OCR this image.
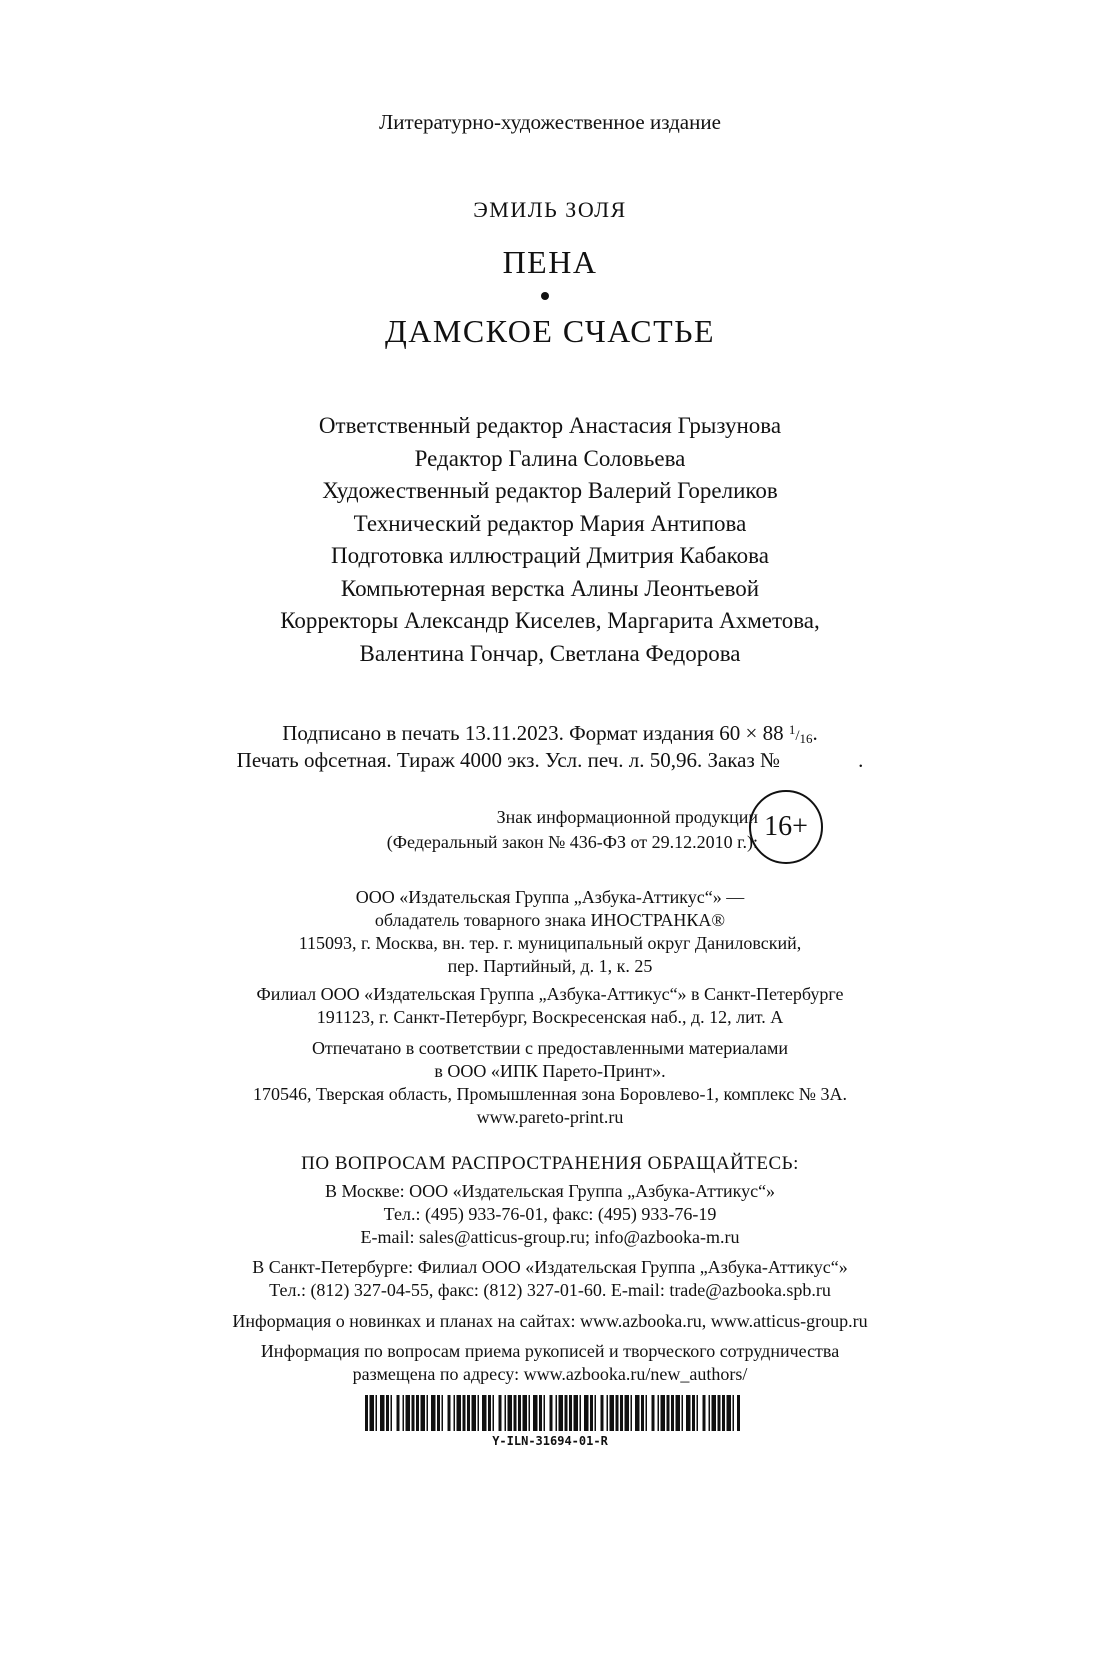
Литературно-художественное издание
ЭМИЛЬ ЗОЛЯ
ПЕНА
ДАМСКОЕ СЧАСТЬЕ
Ответственный редактор Анастасия Грызунова
Редактор Галина Соловьева
Художественный редактор Валерий Гореликов
Технический редактор Мария Антипова
Подготовка иллюстраций Дмитрия Кабакова
Компьютерная верстка Алины Леонтьевой
Корректоры Александр Киселев, Маргарита Ахметова,
Валентина Гончар, Светлана Федорова
Подписано в печать 13.11.2023. Формат издания 60 × 88 $^1/_{16}$.
Печать офсетная. Тираж 4000 экз. Усл. печ. л. 50,96. Заказ №	.
Знак информационной продукции
(Федеральный закон № 436-ФЗ от 29.12.2010 г.): 16+
ООО «Издательская Группа „Азбука-Аттикус“» —
обладатель товарного знака ИНОСТРАНКА®
115093, г. Москва, вн. тер. г. муниципальный округ Даниловский,
пер. Партийный, д. 1, к. 25
Филиал ООО «Издательская Группа „Азбука-Аттикус“» в Санкт-Петербурге
191123, г. Санкт-Петербург, Воскресенская наб., д. 12, лит. А
Отпечатано в соответствии с предоставленными материалами
в ООО «ИПК Парето-Принт».
170546, Тверская область, Промышленная зона Боровлево-1, комплекс № 3А.
www.pareto-print.ru
ПО ВОПРОСАМ РАСПРОСТРАНЕНИЯ ОБРАЩАЙТЕСЬ:
В Москве: ООО «Издательская Группа „Азбука-Аттикус“»
Тел.: (495) 933-76-01, факс: (495) 933-76-19
E-mail: sales@atticus-group.ru; info@azbooka-m.ru
В Санкт-Петербурге: Филиал ООО «Издательская Группа „Азбука-Аттикус“»
Тел.: (812) 327-04-55, факс: (812) 327-01-60. E-mail: trade@azbooka.spb.ru
Информация о новинках и планах на сайтах: www.azbooka.ru, www.atticus-group.ru
Информация по вопросам приема рукописей и творческого сотрудничества
размещена по адресу: www.azbooka.ru/new_authors/
Y-ILN-31694-01-R
